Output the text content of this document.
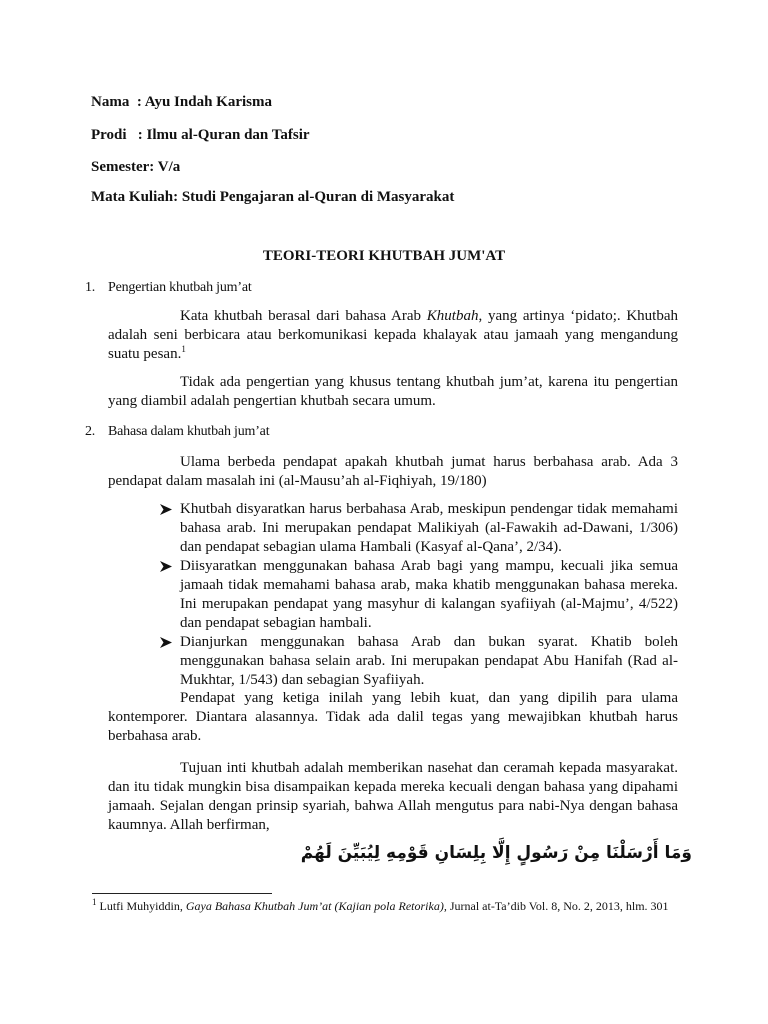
Nama  : Ayu Indah Karisma
Prodi   : Ilmu al-Quran dan Tafsir
Semester: V/a
Mata Kuliah: Studi Pengajaran al-Quran di Masyarakat
TEORI-TEORI KHUTBAH JUM'AT
1. Pengertian khutbah jum’at

Kata khutbah berasal dari bahasa Arab Khutbah, yang artinya ‘pidato;. Khutbah adalah seni berbicara atau berkomunikasi kepada khalayak atau jamaah yang mengandung suatu pesan.$^1$

Tidak ada pengertian yang khusus tentang khutbah jum’at, karena itu pengertian yang diambil adalah pengertian khutbah secara umum.

2. Bahasa dalam khutbah jum’at

Ulama berbeda pendapat apakah khutbah jumat harus berbahasa arab. Ada 3 pendapat dalam masalah ini (al-Mausu’ah al-Fiqhiyah, 19/180)

Khutbah disyaratkan harus berbahasa Arab, meskipun pendengar tidak memahami bahasa arab. Ini merupakan pendapat Malikiyah (al-Fawakih ad-Dawani, 1/306) dan pendapat sebagian ulama Hambali (Kasyaf al-Qana’, 2/34).
Diisyaratkan menggunakan bahasa Arab bagi yang mampu, kecuali jika semua jamaah tidak memahami bahasa arab, maka khatib menggunakan bahasa mereka. Ini merupakan pendapat yang masyhur di kalangan syafiiyah (al-Majmu’, 4/522) dan pendapat sebagian hambali.
Dianjurkan menggunakan bahasa Arab dan bukan syarat. Khatib boleh menggunakan bahasa selain arab. Ini merupakan pendapat Abu Hanifah (Rad al-Mukhtar, 1/543) dan sebagian Syafiiyah.

Pendapat yang ketiga inilah yang lebih kuat, dan yang dipilih para ulama kontemporer. Diantara alasannya. Tidak ada dalil tegas yang mewajibkan khutbah harus berbahasa arab.

Tujuan inti khutbah adalah memberikan nasehat dan ceramah kepada masyarakat. dan itu tidak mungkin bisa disampaikan kepada mereka kecuali dengan bahasa yang dipahami jamaah. Sejalan dengan prinsip syariah, bahwa Allah mengutus para nabi-Nya dengan bahasa kaumnya. Allah berfirman,

وَمَا أَرْسَلْنَا مِنْ رَسُولٍ إِلَّا بِلِسَانِ قَوْمِهِ لِيُبَيِّنَ لَهُمْ
$^1$ Lutfi Muhyiddin, Gaya Bahasa Khutbah Jum’at (Kajian pola Retorika), Jurnal at-Ta’dib Vol. 8, No. 2, 2013, hlm. 301
